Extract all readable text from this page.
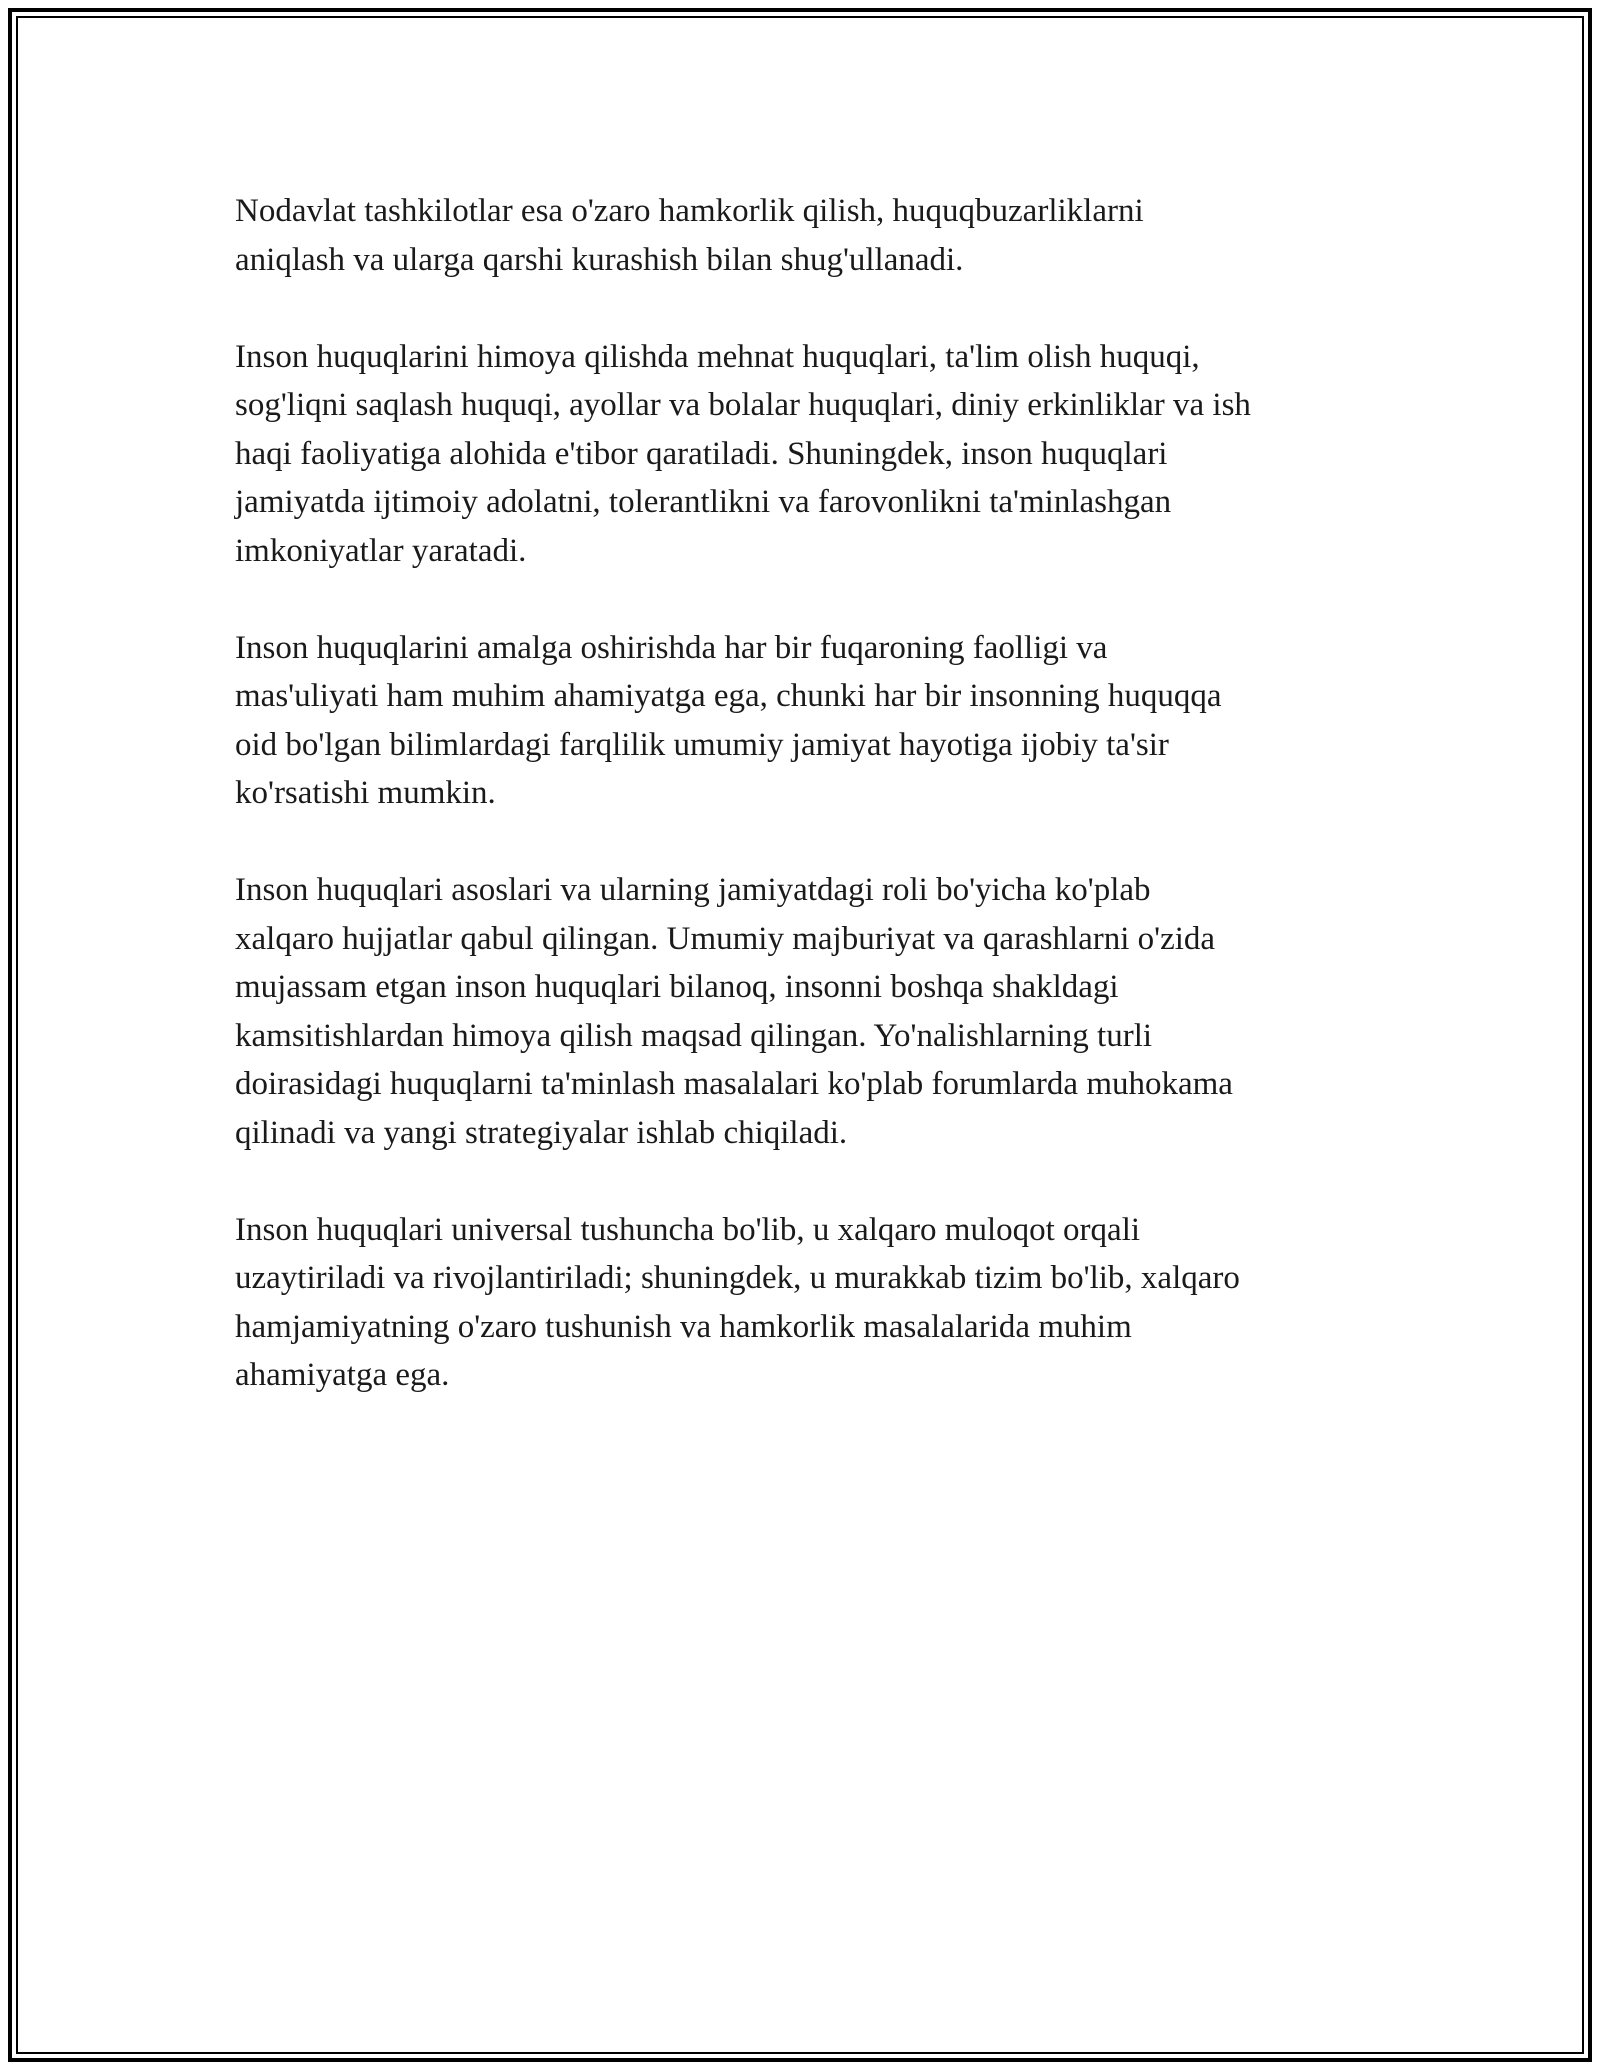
Nodavlat tashkilotlar esa o'zaro hamkorlik qilish, huquqbuzarliklarni
aniqlash va ularga qarshi kurashish bilan shug'ullanadi.
Inson huquqlarini himoya qilishda mehnat huquqlari, ta'lim olish huquqi,
sog'liqni saqlash huquqi, ayollar va bolalar huquqlari, diniy erkinliklar va ish
haqi faoliyatiga alohida e'tibor qaratiladi. Shuningdek, inson huquqlari
jamiyatda ijtimoiy adolatni, tolerantlikni va farovonlikni ta'minlashgan
imkoniyatlar yaratadi.
Inson huquqlarini amalga oshirishda har bir fuqaroning faolligi va
mas'uliyati ham muhim ahamiyatga ega, chunki har bir insonning huquqqa
oid bo'lgan bilimlardagi farqlilik umumiy jamiyat hayotiga ijobiy ta'sir
ko'rsatishi mumkin.
Inson huquqlari asoslari va ularning jamiyatdagi roli bo'yicha ko'plab
xalqaro hujjatlar qabul qilingan. Umumiy majburiyat va qarashlarni o'zida
mujassam etgan inson huquqlari bilanoq, insonni boshqa shakldagi
kamsitishlardan himoya qilish maqsad qilingan. Yo'nalishlarning turli
doirasidagi huquqlarni ta'minlash masalalari ko'plab forumlarda muhokama
qilinadi va yangi strategiyalar ishlab chiqiladi.
Inson huquqlari universal tushuncha bo'lib, u xalqaro muloqot orqali
uzaytiriladi va rivojlantiriladi; shuningdek, u murakkab tizim bo'lib, xalqaro
hamjamiyatning o'zaro tushunish va hamkorlik masalalarida muhim
ahamiyatga ega.
